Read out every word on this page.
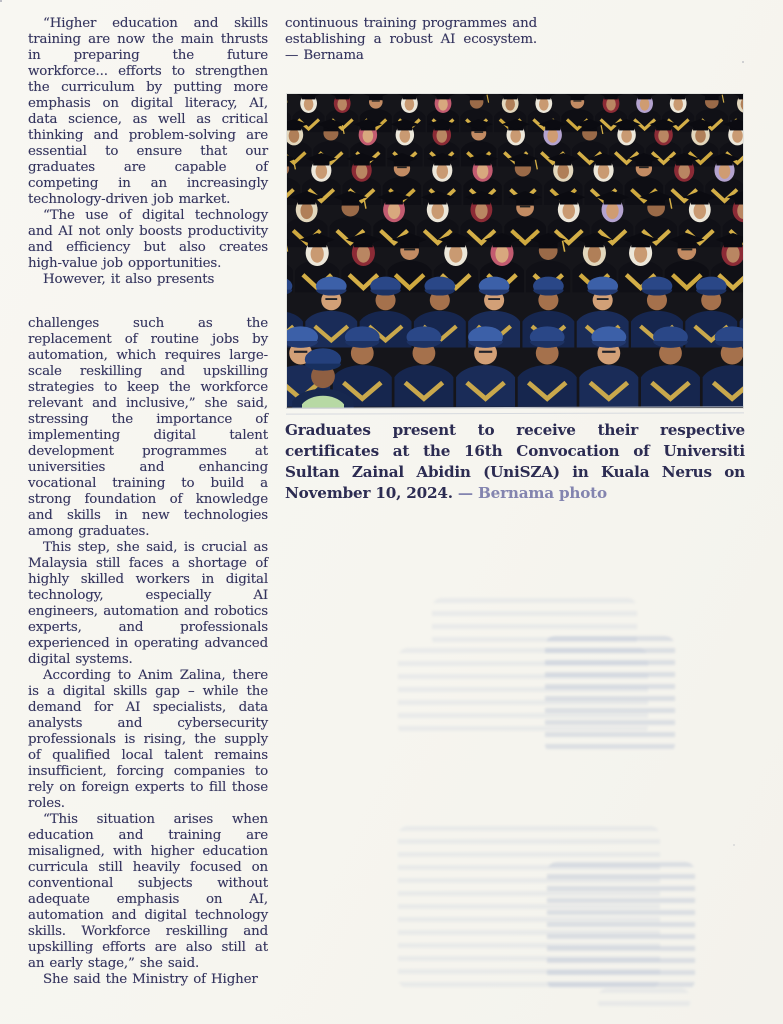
“Higher education and skills training are now the main thrusts in preparing the future workforce... efforts to strengthen the curriculum by putting more emphasis on digital literacy, AI, data science, as well as critical thinking and problem-solving are essential to ensure that our graduates are capable of competing in an increasingly technology-driven job market.

“The use of digital technology and AI not only boosts productivity and efficiency but also creates high-value job opportunities.

However, it also presents

challenges such as the replacement of routine jobs by automation, which requires large-scale reskilling and upskilling strategies to keep the workforce relevant and inclusive,” she said, stressing the importance of implementing digital talent development programmes at universities and enhancing vocational training to build a strong foundation of knowledge and skills in new technologies among graduates.

This step, she said, is crucial as Malaysia still faces a shortage of highly skilled workers in digital technology, especially AI engineers, automation and robotics experts, and professionals experienced in operating advanced digital systems.

According to Anim Zalina, there is a digital skills gap – while the demand for AI specialists, data analysts and cybersecurity professionals is rising, the supply of qualified local talent remains insufficient, forcing companies to rely on foreign experts to fill those roles.

“This situation arises when education and training are misaligned, with higher education curricula still heavily focused on conventional subjects without adequate emphasis on AI, automation and digital technology skills. Workforce reskilling and upskilling efforts are also still at an early stage,” she said.

She said the Ministry of Higher

continuous training programmes and establishing a robust AI ecosystem. — Bernama

Graduates present to receive their respective certificates at the 16th Convocation of Universiti Sultan Zainal Abidin (UniSZA) in Kuala Nerus on November 10, 2024. — Bernama photo
